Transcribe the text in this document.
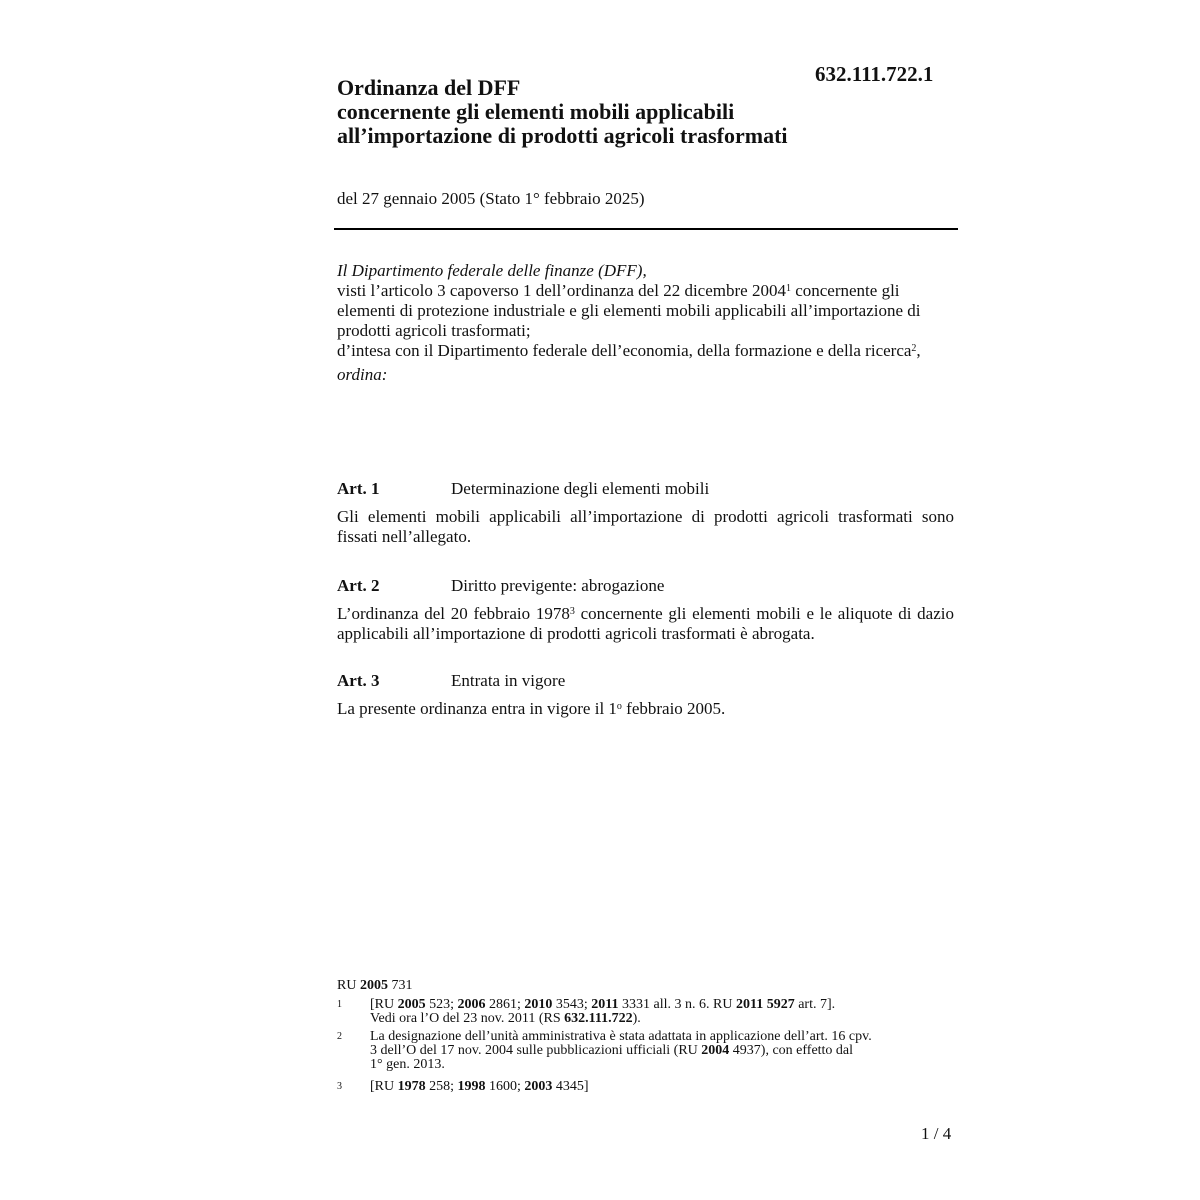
632.111.722.1
Ordinanza del DFF
concernente gli elementi mobili applicabili
all’importazione di prodotti agricoli trasformati
del 27 gennaio 2005 (Stato 1° febbraio 2025)
Il Dipartimento federale delle finanze (DFF),
visti l’articolo 3 capoverso 1 dell’ordinanza del 22 dicembre 2004$^1$ concernente gli elementi di protezione industriale e gli elementi mobili applicabili all’importazione di prodotti agricoli trasformati;
d’intesa con il Dipartimento federale dell’economia, della formazione e della ricerca$^2$,
ordina:
Art. 1	Determinazione degli elementi mobili
Gli elementi mobili applicabili all’importazione di prodotti agricoli trasformati sono fissati nell’allegato.
Art. 2	Diritto previgente: abrogazione
L’ordinanza del 20 febbraio 1978$^3$ concernente gli elementi mobili e le aliquote di dazio applicabili all’importazione di prodotti agricoli trasformati è abrogata.
Art. 3	Entrata in vigore
La presente ordinanza entra in vigore il 1$^o$ febbraio 2005.
RU 2005 731
1 [RU 2005 523; 2006 2861; 2010 3543; 2011 3331 all. 3 n. 6. RU 2011 5927 art. 7].
Vedi ora l’O del 23 nov. 2011 (RS 632.111.722).
2 La designazione dell’unità amministrativa è stata adattata in applicazione dell’art. 16 cpv.
3 dell’O del 17 nov. 2004 sulle pubblicazioni ufficiali (RU 2004 4937), con effetto dal
1° gen. 2013.
3 [RU 1978 258; 1998 1600; 2003 4345]
1 / 4
